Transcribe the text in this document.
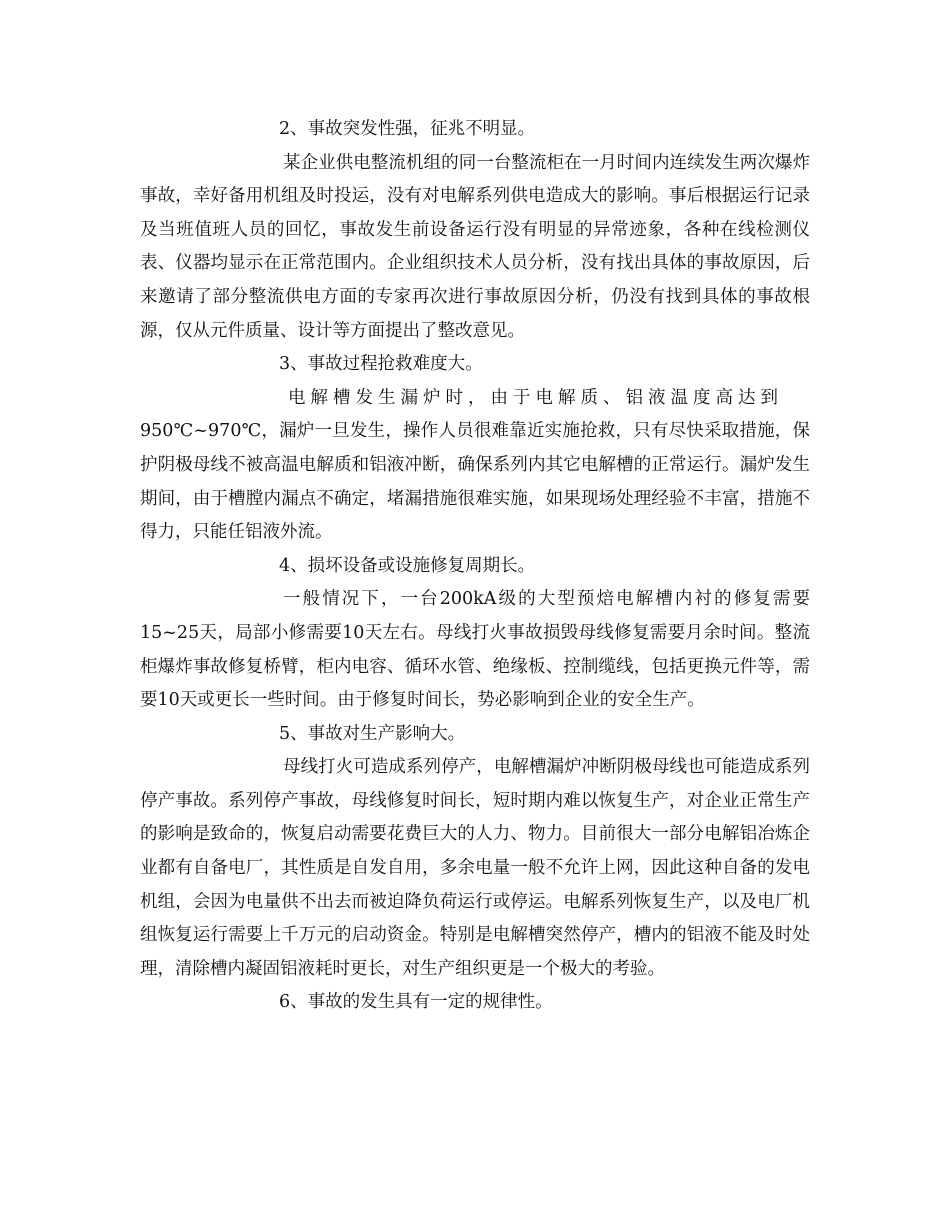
2、事故突发性强，征兆不明显。

某企业供电整流机组的同一台整流柜在一月时间内连续发生两次爆炸事故，幸好备用机组及时投运，没有对电解系列供电造成大的影响。事后根据运行记录及当班值班人员的回忆，事故发生前设备运行没有明显的异常迹象，各种在线检测仪表、仪器均显示在正常范围内。企业组织技术人员分析，没有找出具体的事故原因，后来邀请了部分整流供电方面的专家再次进行事故原因分析，仍没有找到具体的事故根源，仅从元件质量、设计等方面提出了整改意见。

3、事故过程抢救难度大。

电解槽发生漏炉时，由于电解质、铝液温度高达到

950℃~970℃，漏炉一旦发生，操作人员很难靠近实施抢救，只有尽快采取措施，保护阴极母线不被高温电解质和铝液冲断，确保系列内其它电解槽的正常运行。漏炉发生期间，由于槽膛内漏点不确定，堵漏措施很难实施，如果现场处理经验不丰富，措施不得力，只能任铝液外流。

4、损坏设备或设施修复周期长。

一般情况下，一台200kA级的大型预焙电解槽内衬的修复需要15~25天，局部小修需要10天左右。母线打火事故损毁母线修复需要月余时间。整流柜爆炸事故修复桥臂，柜内电容、循环水管、绝缘板、控制缆线，包括更换元件等，需要10天或更长一些时间。由于修复时间长，势必影响到企业的安全生产。

5、事故对生产影响大。

母线打火可造成系列停产，电解槽漏炉冲断阴极母线也可能造成系列停产事故。系列停产事故，母线修复时间长，短时期内难以恢复生产，对企业正常生产的影响是致命的，恢复启动需要花费巨大的人力、物力。目前很大一部分电解铝冶炼企业都有自备电厂，其性质是自发自用，多余电量一般不允许上网，因此这种自备的发电机组，会因为电量供不出去而被迫降负荷运行或停运。电解系列恢复生产，以及电厂机组恢复运行需要上千万元的启动资金。特别是电解槽突然停产，槽内的铝液不能及时处理，清除槽内凝固铝液耗时更长，对生产组织更是一个极大的考验。

6、事故的发生具有一定的规律性。
